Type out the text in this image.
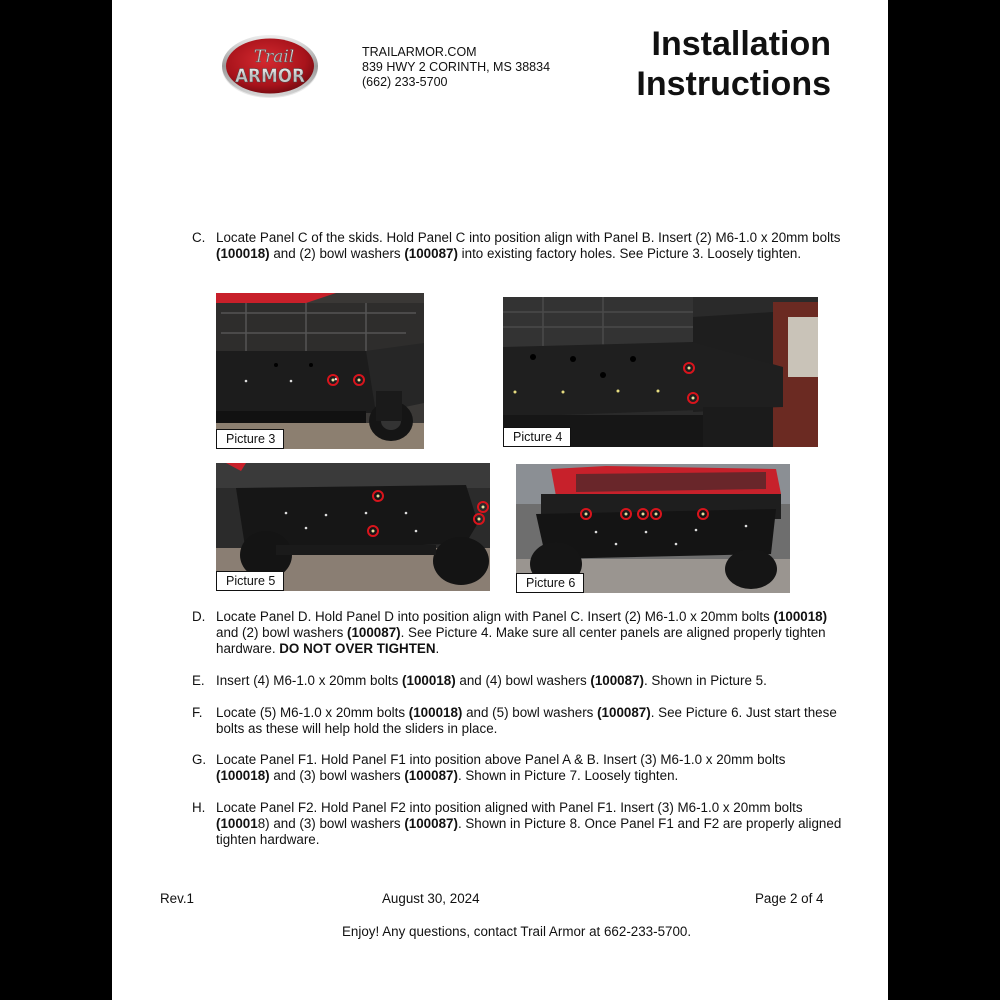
Trail
ARMOR
TRAILARMOR.COM
839 HWY 2 CORINTH, MS 38834
(662) 233-5700
Installation
Instructions
C. Locate Panel C of the skids. Hold Panel C into position align with Panel B. Insert (2) M6-1.0 x 20mm bolts (100018) and (2) bowl washers (100087) into existing factory holes. See Picture 3. Loosely tighten.
Picture 3	Picture 4
Picture 5	Picture 6
D. Locate Panel D. Hold Panel D into position align with Panel C. Insert (2) M6-1.0 x 20mm bolts (100018) and (2) bowl washers (100087). See Picture 4. Make sure all center panels are aligned properly tighten hardware. DO NOT OVER TIGHTEN.
E. Insert (4) M6-1.0 x 20mm bolts (100018) and (4) bowl washers (100087). Shown in Picture 5.
F. Locate (5) M6-1.0 x 20mm bolts (100018) and (5) bowl washers (100087). See Picture 6. Just start these bolts as these will help hold the sliders in place.
G. Locate Panel F1. Hold Panel F1 into position above Panel A & B. Insert (3) M6-1.0 x 20mm bolts (100018) and (3) bowl washers (100087). Shown in Picture 7. Loosely tighten.
H. Locate Panel F2. Hold Panel F2 into position aligned with Panel F1. Insert (3) M6-1.0 x 20mm bolts (100018) and (3) bowl washers (100087). Shown in Picture 8. Once Panel F1 and F2 are properly aligned tighten hardware.
Rev.1	August 30, 2024	Page 2 of 4
Enjoy! Any questions, contact Trail Armor at 662-233-5700.
